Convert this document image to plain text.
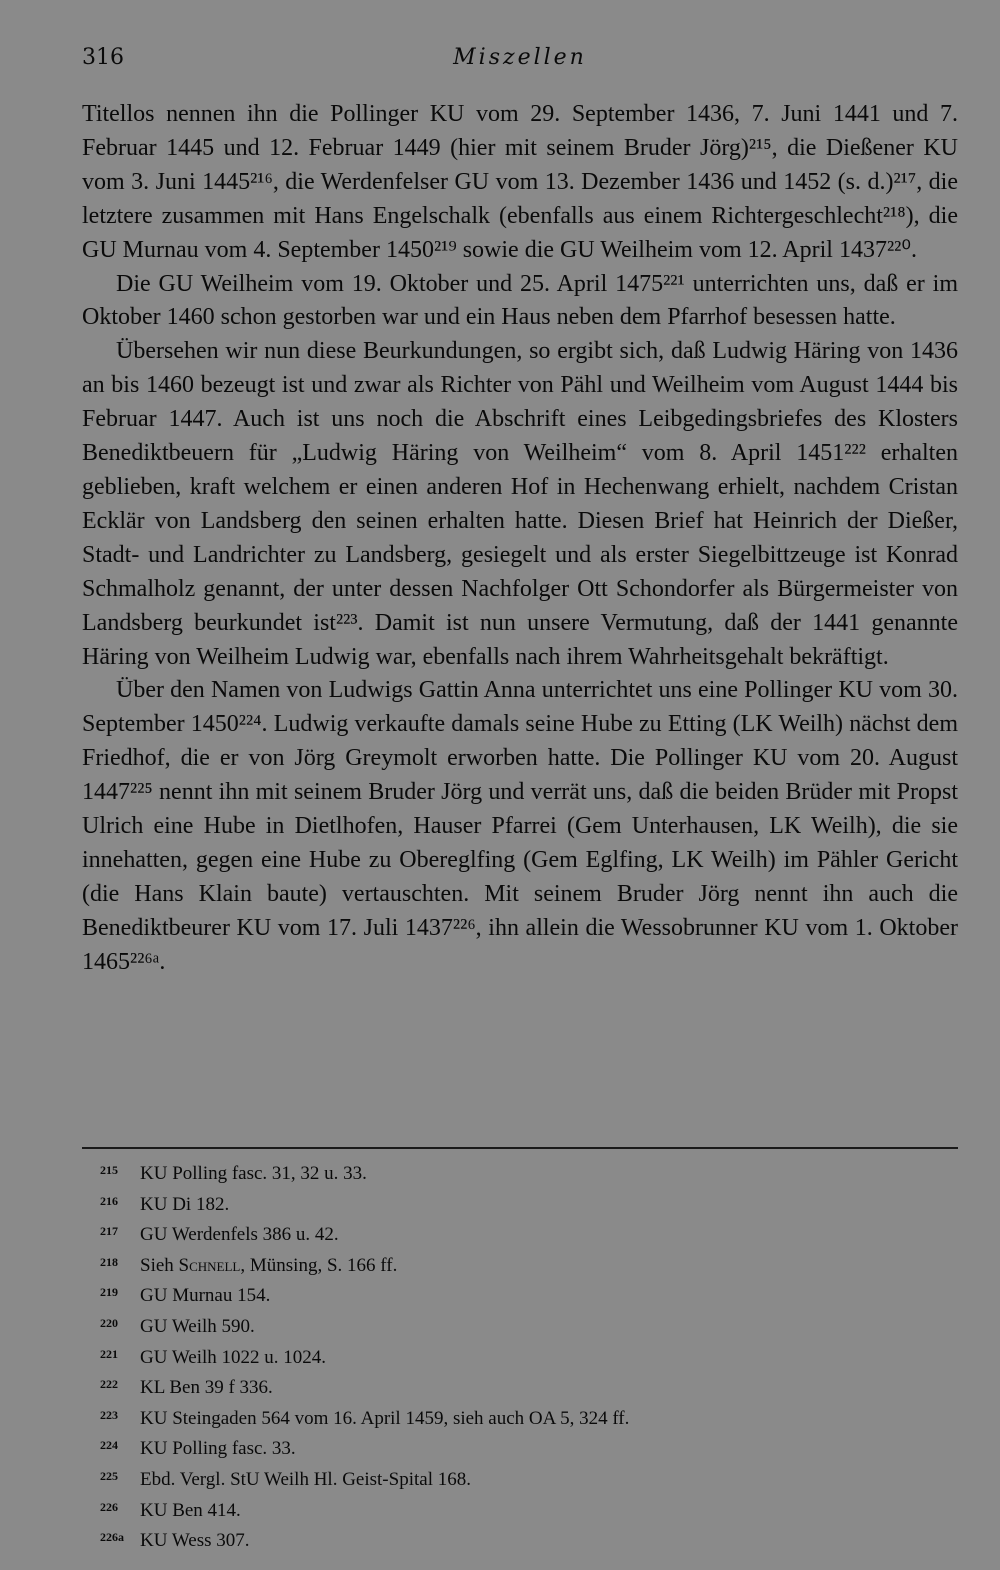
316	Miszellen

Titellos nennen ihn die Pollinger KU vom 29. September 1436, 7. Juni 1441 und 7. Februar 1445 und 12. Februar 1449 (hier mit seinem Bruder Jörg)²¹⁵, die Dießener KU vom 3. Juni 1445²¹⁶, die Werdenfelser GU vom 13. Dezember 1436 und 1452 (s. d.)²¹⁷, die letztere zusammen mit Hans Engelschalk (ebenfalls aus einem Richtergeschlecht²¹⁸), die GU Murnau vom 4. September 1450²¹⁹ sowie die GU Weilheim vom 12. April 1437²²⁰.

Die GU Weilheim vom 19. Oktober und 25. April 1475²²¹ unterrichten uns, daß er im Oktober 1460 schon gestorben war und ein Haus neben dem Pfarrhof besessen hatte.

Übersehen wir nun diese Beurkundungen, so ergibt sich, daß Ludwig Häring von 1436 an bis 1460 bezeugt ist und zwar als Richter von Pähl und Weilheim vom August 1444 bis Februar 1447. Auch ist uns noch die Abschrift eines Leibgedingsbriefes des Klosters Benediktbeuern für „Ludwig Häring von Weilheim“ vom 8. April 1451²²² erhalten geblieben, kraft welchem er einen anderen Hof in Hechenwang erhielt, nachdem Cristan Ecklär von Landsberg den seinen erhalten hatte. Diesen Brief hat Heinrich der Dießer, Stadt- und Landrichter zu Landsberg, gesiegelt und als erster Siegelbittzeuge ist Konrad Schmalholz genannt, der unter dessen Nachfolger Ott Schondorfer als Bürgermeister von Landsberg beurkundet ist²²³. Damit ist nun unsere Vermutung, daß der 1441 genannte Häring von Weilheim Ludwig war, ebenfalls nach ihrem Wahrheitsgehalt bekräftigt.

Über den Namen von Ludwigs Gattin Anna unterrichtet uns eine Pollinger KU vom 30. September 1450²²⁴. Ludwig verkaufte damals seine Hube zu Etting (LK Weilh) nächst dem Friedhof, die er von Jörg Greymolt erworben hatte. Die Pollinger KU vom 20. August 1447²²⁵ nennt ihn mit seinem Bruder Jörg und verrät uns, daß die beiden Brüder mit Propst Ulrich eine Hube in Dietlhofen, Hauser Pfarrei (Gem Unterhausen, LK Weilh), die sie innehatten, gegen eine Hube zu Obereglfing (Gem Eglfing, LK Weilh) im Pähler Gericht (die Hans Klain baute) vertauschten. Mit seinem Bruder Jörg nennt ihn auch die Benediktbeurer KU vom 17. Juli 1437²²⁶, ihn allein die Wessobrunner KU vom 1. Oktober 1465²²⁶ᵃ.

215 KU Polling fasc. 31, 32 u. 33.
216 KU Di 182.
217 GU Werdenfels 386 u. 42.
218 Sieh Schnell, Münsing, S. 166 ff.
219 GU Murnau 154.
220 GU Weilh 590.
221 GU Weilh 1022 u. 1024.
222 KL Ben 39 f 336.
223 KU Steingaden 564 vom 16. April 1459, sieh auch OA 5, 324 ff.
224 KU Polling fasc. 33.
225 Ebd. Vergl. StU Weilh Hl. Geist-Spital 168.
226 KU Ben 414.
226a KU Wess 307.
